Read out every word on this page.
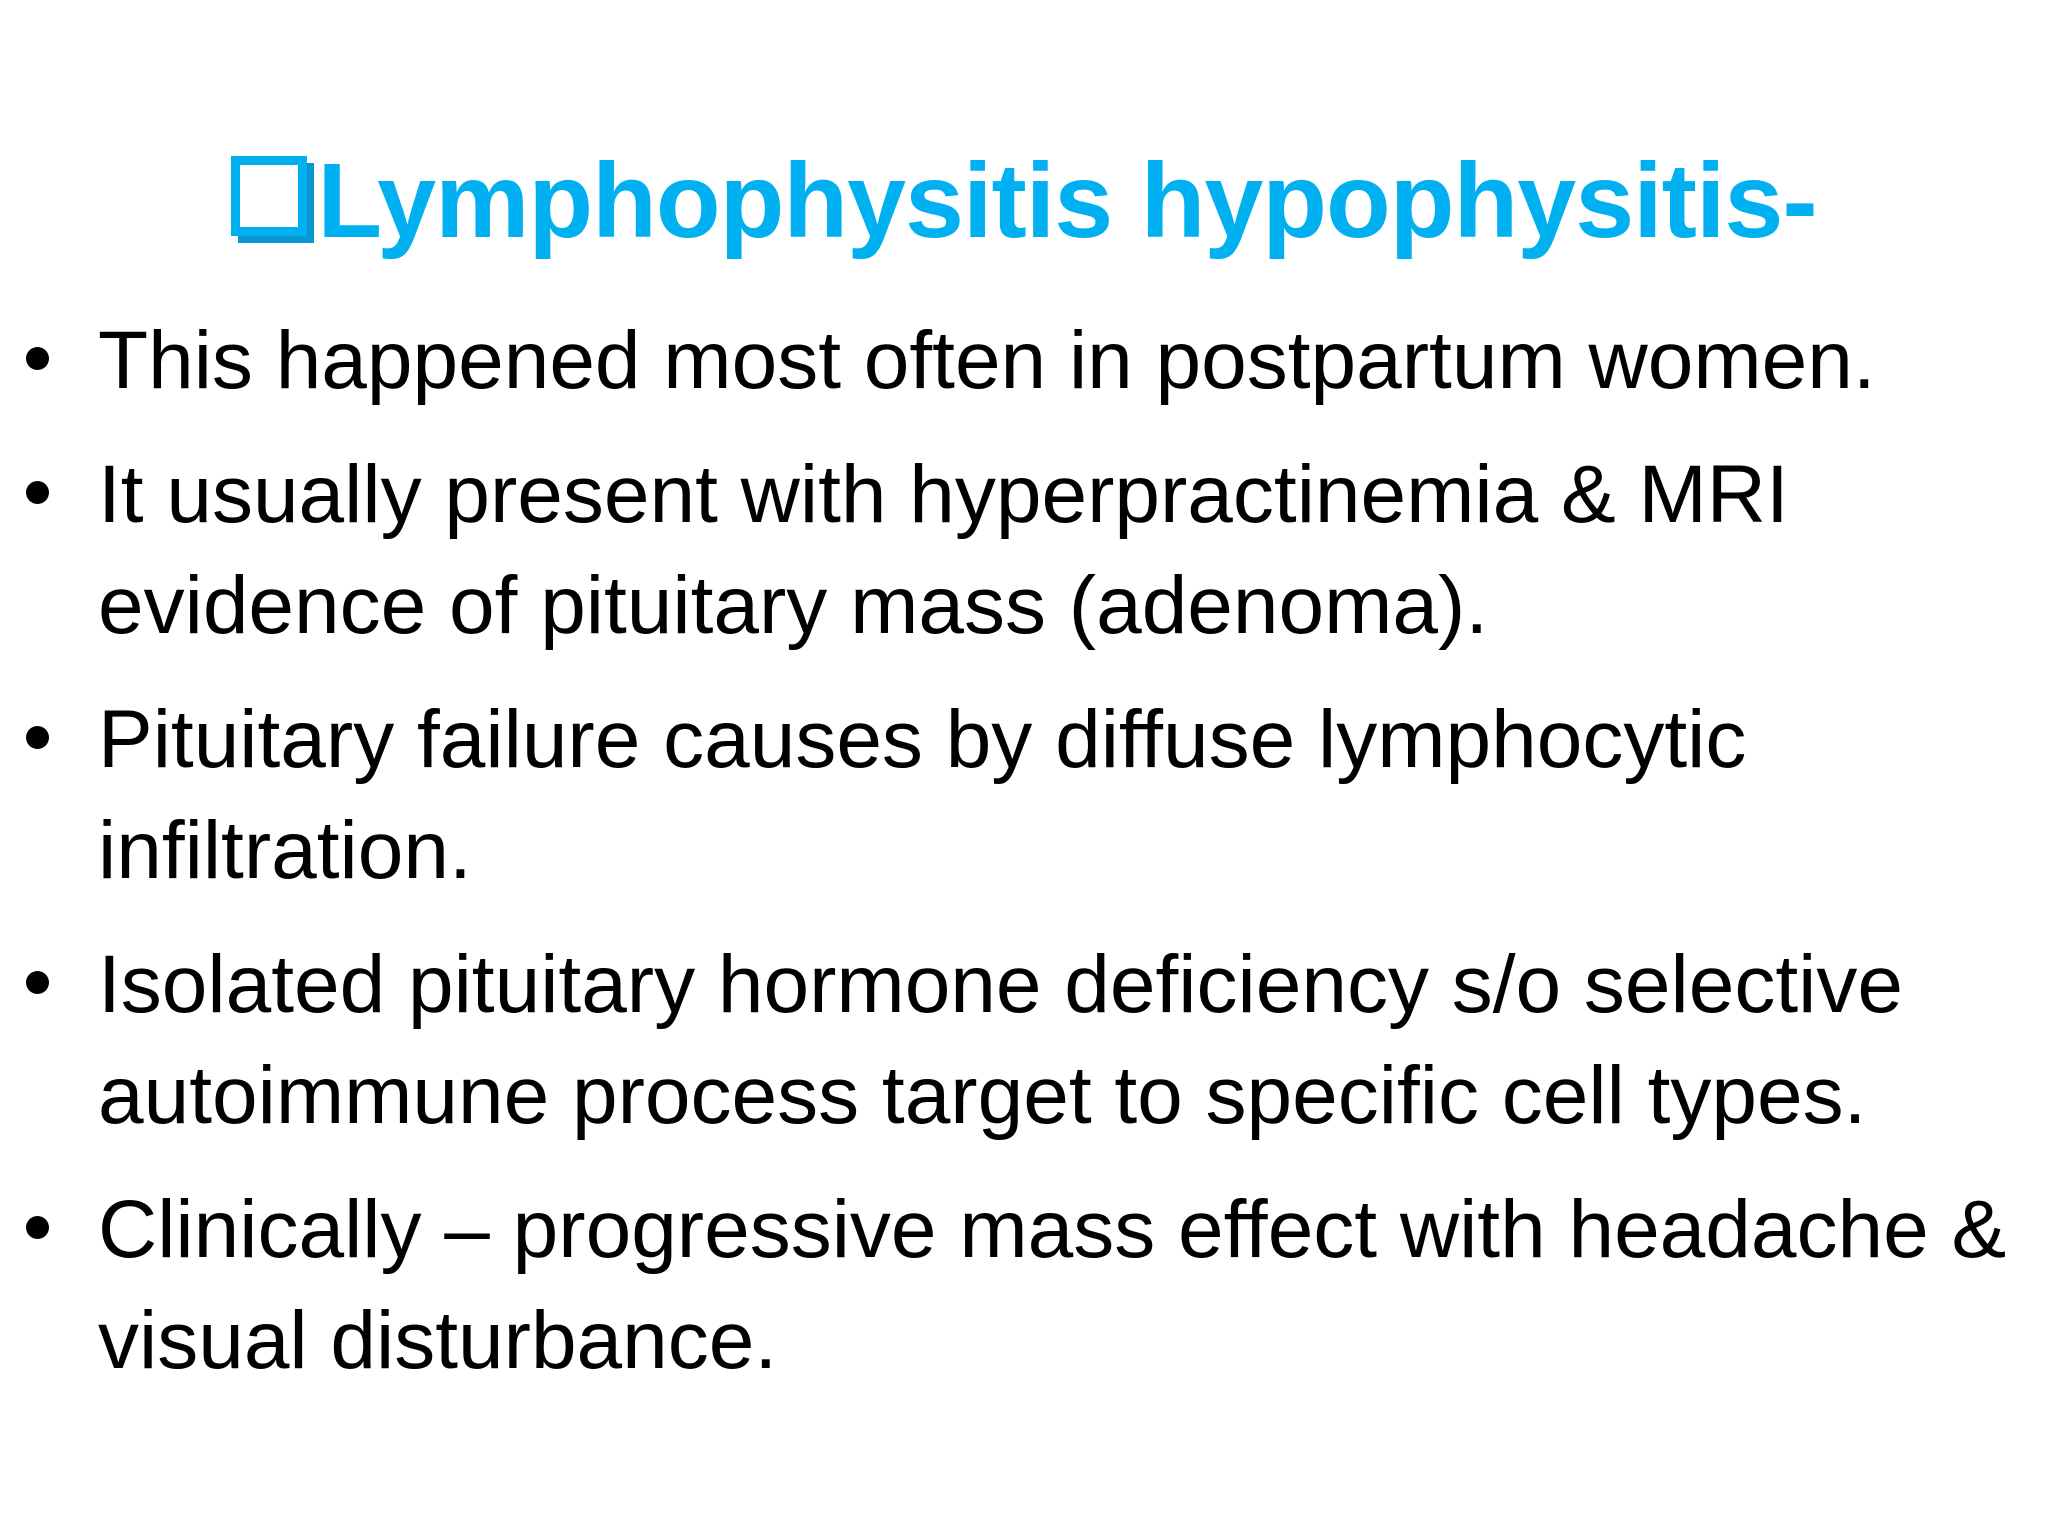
Lymphophysitis hypophysitis-
This happened most often in postpartum women.
It usually present with hyperpractinemia & MRI
evidence of pituitary mass (adenoma).
Pituitary failure causes by diffuse lymphocytic
infiltration.
Isolated pituitary hormone deficiency s/o selective
autoimmune process target to specific cell types.
Clinically – progressive mass effect with headache &
visual disturbance.
